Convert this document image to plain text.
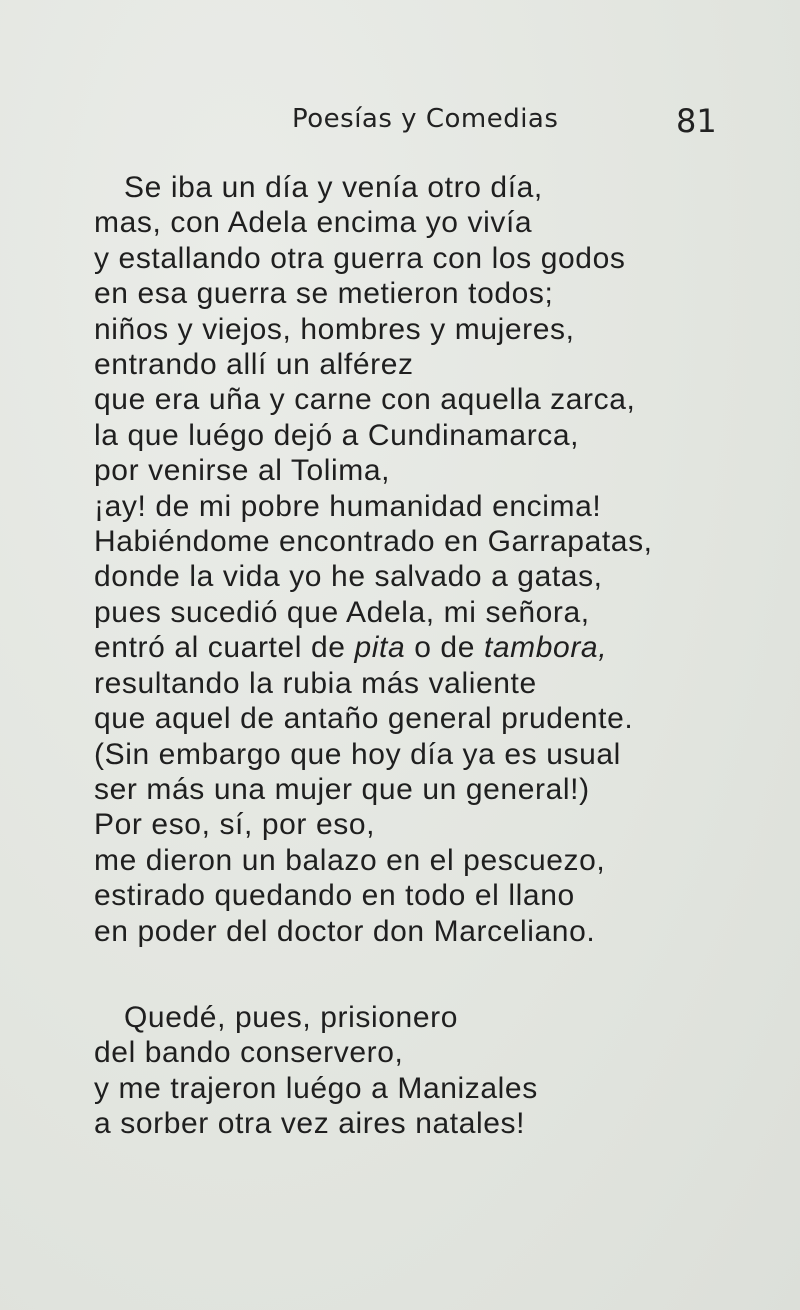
Poesías y Comedias	81
Se iba un día y venía otro día,
mas, con Adela encima yo vivía
y estallando otra guerra con los godos
en esa guerra se metieron todos;
niños y viejos, hombres y mujeres,
entrando allí un alférez
que era uña y carne con aquella zarca,
la que luégo dejó a Cundinamarca,
por venirse al Tolima,
¡ay! de mi pobre humanidad encima!
Habiéndome encontrado en Garrapatas,
donde la vida yo he salvado a gatas,
pues sucedió que Adela, mi señora,
entró al cuartel de pita o de tambora,
resultando la rubia más valiente
que aquel de antaño general prudente.
(Sin embargo que hoy día ya es usual
ser más una mujer que un general!)
Por eso, sí, por eso,
me dieron un balazo en el pescuezo,
estirado quedando en todo el llano
en poder del doctor don Marceliano.
Quedé, pues, prisionero
del bando conservero,
y me trajeron luégo a Manizales
a sorber otra vez aires natales!
